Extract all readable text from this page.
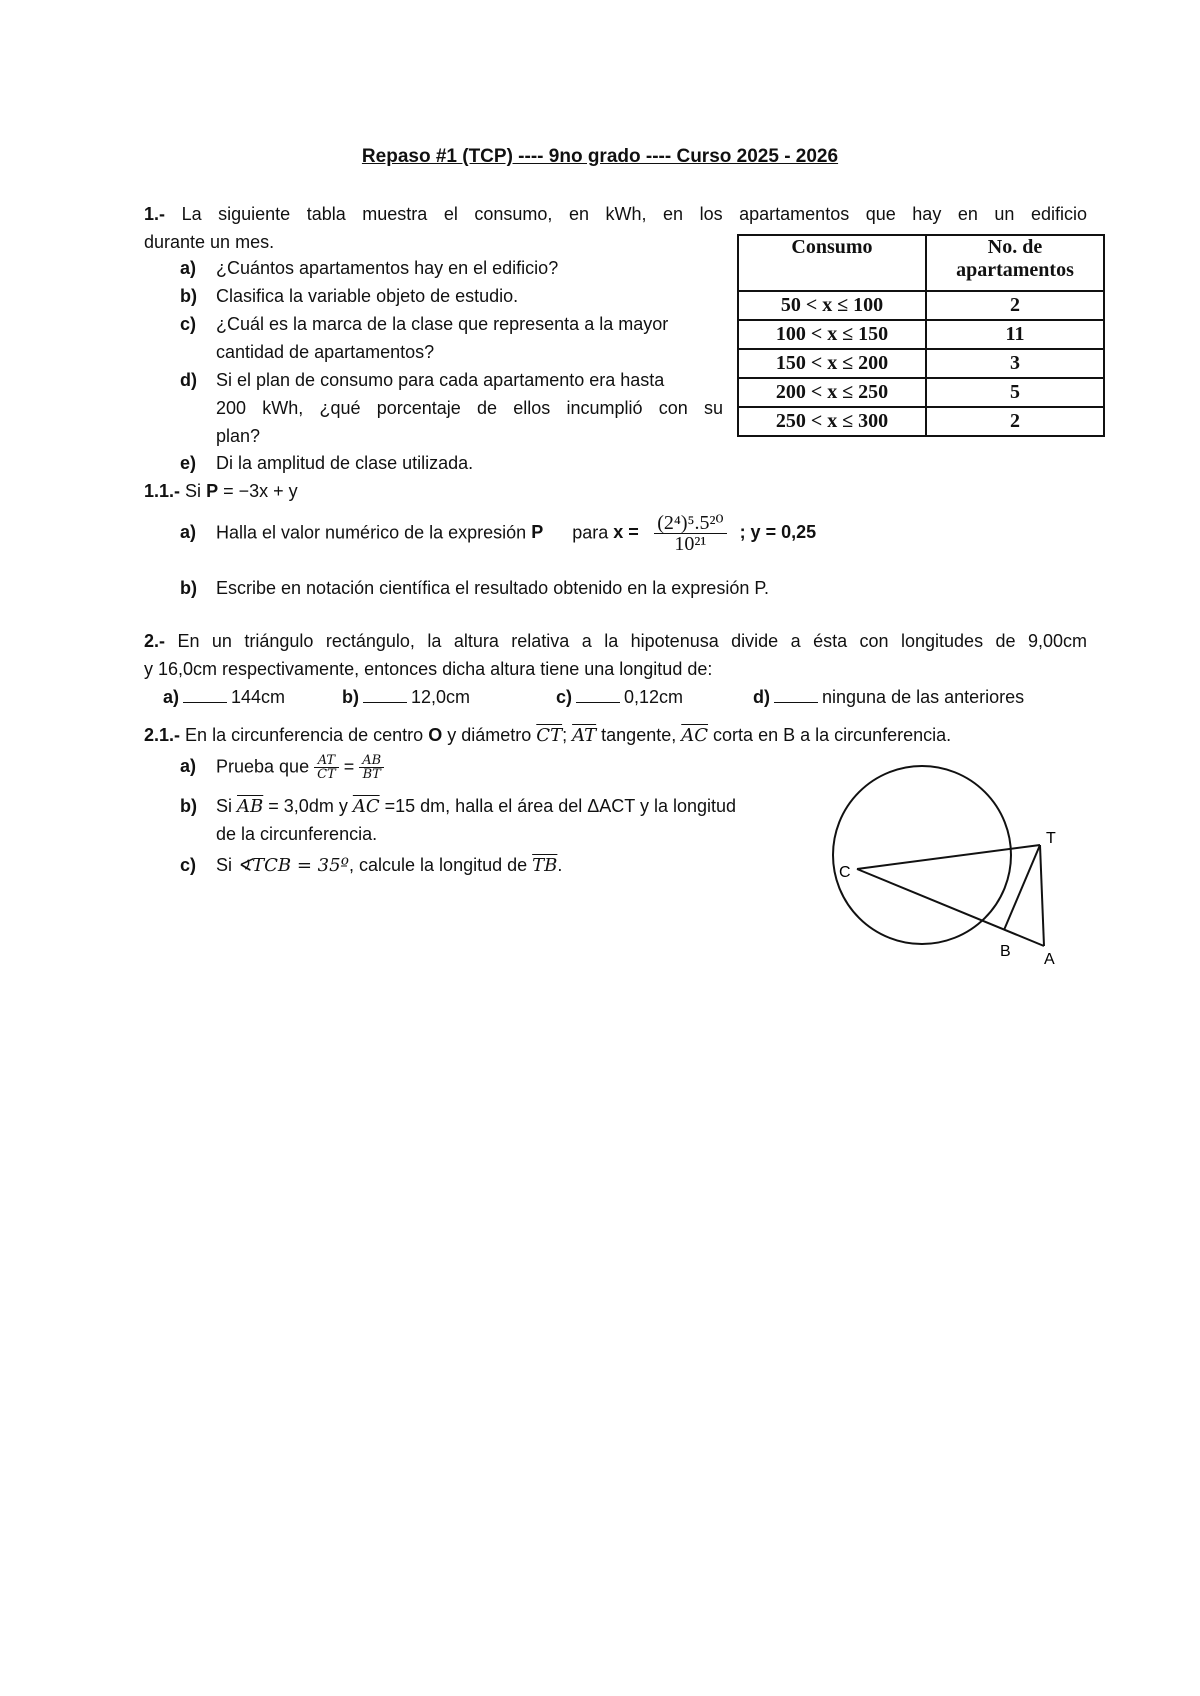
Repaso #1 (TCP) ---- 9no grado ---- Curso 2025 - 2026
1.- La siguiente tabla muestra el consumo, en kWh, en los apartamentos que hay en un edificio
durante un mes.
a) ¿Cuántos apartamentos hay en el edificio?
b) Clasifica la variable objeto de estudio.
c) ¿Cuál es la marca de la clase que representa a la mayor
cantidad de apartamentos?
d) Si el plan de consumo para cada apartamento era hasta
200 kWh, ¿qué porcentaje de ellos incumplió con su
plan?
e) Di la amplitud de clase utilizada.
Consumo	No. de
apartamentos
50 < x ≤ 100	2
100 < x ≤ 150	11
150 < x ≤ 200	3
200 < x ≤ 250	5
250 < x ≤ 300	2
1.1.- Si P = −3x + y
a) Halla el valor numérico de la expresión P para $x = \frac{\text{(2⁴)⁵.5²⁰}}{\text{10²¹}}$ ; y = 0,25
b) Escribe en notación científica el resultado obtenido en la expresión P.
2.- En un triángulo rectángulo, la altura relativa a la hipotenusa divide a ésta con longitudes de 9,00cm
y 16,0cm respectivamente, entonces dicha altura tiene una longitud de:
a)	144cm	b)	12,0cm	c)	0,12cm	d)	ninguna de las anteriores
2.1.- En la circunferencia de centro O y diámetro $\overline{CT}$; $\overline{AT}$ tangente, $\overline{AC}$ corta en B a la circunferencia.
a) Prueba que $\frac{AT}{CT} = \frac{AB}{BT}$
b) Si $\overline{AB} = 3,0dm$ y $\overline{AC} =15$ dm, halla el área del ΔACT y la longitud
de la circunferencia.
c) Si ∢TCB = 35º, calcule la longitud de $\overline{TB}$.	C
T
B A
